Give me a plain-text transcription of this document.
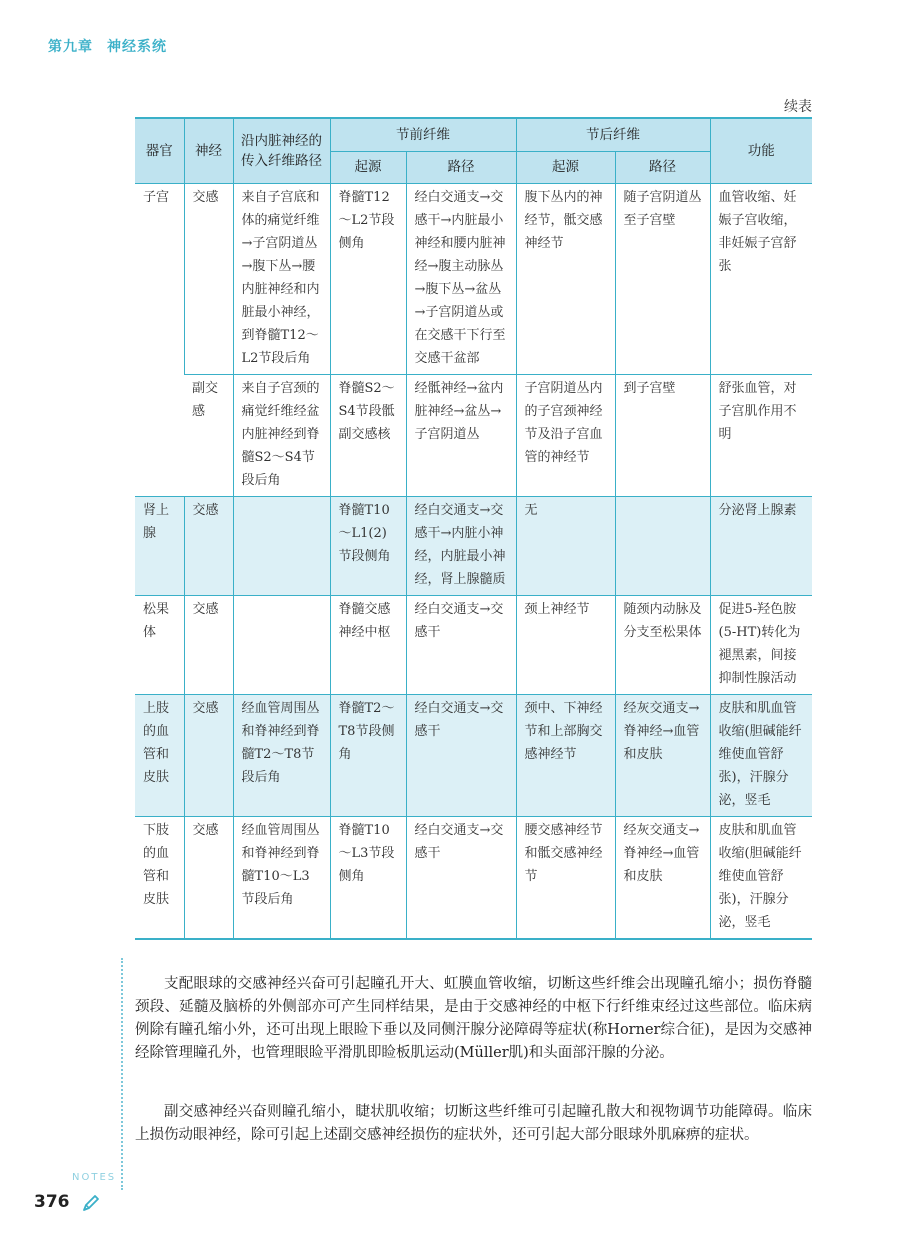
第九章 神经系统
续表
器官	神经	沿内脏神经的传入纤维路径	节前纤维		节后纤维		功能
			起源	路径	起源	路径	
子宫	交感	来自子宫底和体的痛觉纤维→子宫阴道丛→腹下丛→腰内脏神经和内脏最小神经，到脊髓T12～L2节段后角	脊髓T12～L2节段侧角	经白交通支→交感干→内脏最小神经和腰内脏神经→腹主动脉丛→腹下丛→盆丛→子宫阴道丛或在交感干下行至交感干盆部	腹下丛内的神经节，骶交感神经节	随子宫阴道丛至子宫壁	血管收缩、妊娠子宫收缩，非妊娠子宫舒张
	副交感	来自子宫颈的痛觉纤维经盆内脏神经到脊髓S2～S4节段后角	脊髓S2～S4节段骶副交感核	经骶神经→盆内脏神经→盆丛→子宫阴道丛	子宫阴道丛内的子宫颈神经节及沿子宫血管的神经节	到子宫壁	舒张血管，对子宫肌作用不明
肾上腺	交感		脊髓T10～L1(2)节段侧角	经白交通支→交感干→内脏小神经，内脏最小神经，肾上腺髓质	无		分泌肾上腺素
松果体	交感		脊髓交感神经中枢	经白交通支→交感干	颈上神经节	随颈内动脉及分支至松果体	促进5-羟色胺(5-HT)转化为褪黑素，间接抑制性腺活动
上肢的血管和皮肤	交感	经血管周围丛和脊神经到脊髓T2～T8节段后角	脊髓T2～T8节段侧角	经白交通支→交感干	颈中、下神经节和上部胸交感神经节	经灰交通支→脊神经→血管和皮肤	皮肤和肌血管收缩(胆碱能纤维使血管舒张)，汗腺分泌，竖毛
下肢的血管和皮肤	交感	经血管周围丛和脊神经到脊髓T10～L3节段后角	脊髓T10～L3节段侧角	经白交通支→交感干	腰交感神经节和骶交感神经节	经灰交通支→脊神经→血管和皮肤	皮肤和肌血管收缩(胆碱能纤维使血管舒张)，汗腺分泌，竖毛

支配眼球的交感神经兴奋可引起瞳孔开大、虹膜血管收缩，切断这些纤维会出现瞳孔缩小；损伤脊髓颈段、延髓及脑桥的外侧部亦可产生同样结果，是由于交感神经的中枢下行纤维束经过这些部位。临床病例除有瞳孔缩小外，还可出现上眼睑下垂以及同侧汗腺分泌障碍等症状(称Horner综合征)，是因为交感神经除管理瞳孔外，也管理眼睑平滑肌即睑板肌运动(Müller肌)和头面部汗腺的分泌。

副交感神经兴奋则瞳孔缩小，睫状肌收缩；切断这些纤维可引起瞳孔散大和视物调节功能障碍。临床上损伤动眼神经，除可引起上述副交感神经损伤的症状外，还可引起大部分眼球外肌麻痹的症状。

NOTES
376
